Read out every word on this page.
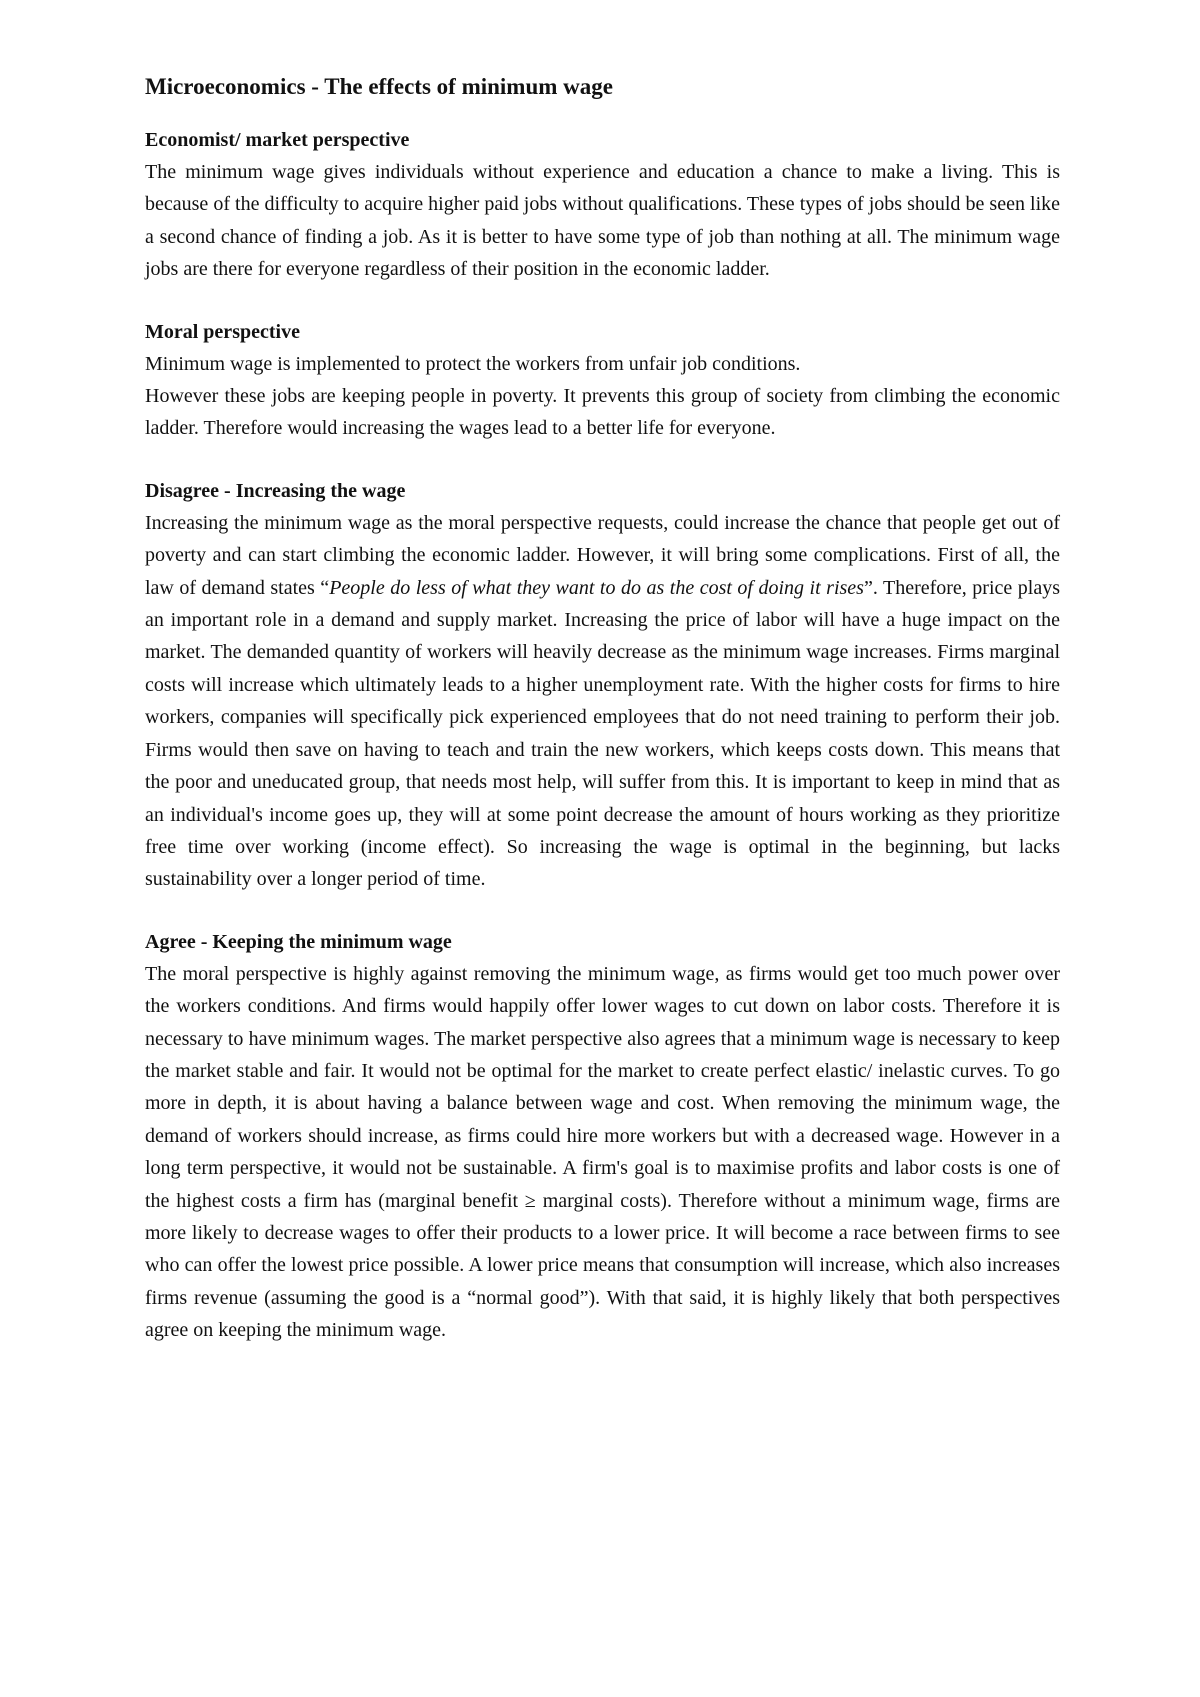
Microeconomics - The effects of minimum wage
Economist/ market perspective

The minimum wage gives individuals without experience and education a chance to make a living. This is because of the difficulty to acquire higher paid jobs without qualifications. These types of jobs should be seen like a second chance of finding a job. As it is better to have some type of job than nothing at all. The minimum wage jobs are there for everyone regardless of their position in the economic ladder.

Moral perspective

Minimum wage is implemented to protect the workers from unfair job conditions.

However these jobs are keeping people in poverty. It prevents this group of society from climbing the economic ladder. Therefore would increasing the wages lead to a better life for everyone.

Disagree - Increasing the wage

Increasing the minimum wage as the moral perspective requests, could increase the chance that people get out of poverty and can start climbing the economic ladder. However, it will bring some complications. First of all, the law of demand states “People do less of what they want to do as the cost of doing it rises”. Therefore, price plays an important role in a demand and supply market. Increasing the price of labor will have a huge impact on the market. The demanded quantity of workers will heavily decrease as the minimum wage increases. Firms marginal costs will increase which ultimately leads to a higher unemployment rate. With the higher costs for firms to hire workers, companies will specifically pick experienced employees that do not need training to perform their job. Firms would then save on having to teach and train the new workers, which keeps costs down. This means that the poor and uneducated group, that needs most help, will suffer from this. It is important to keep in mind that as an individual's income goes up, they will at some point decrease the amount of hours working as they prioritize free time over working (income effect). So increasing the wage is optimal in the beginning, but lacks sustainability over a longer period of time.

Agree - Keeping the minimum wage

The moral perspective is highly against removing the minimum wage, as firms would get too much power over the workers conditions. And firms would happily offer lower wages to cut down on labor costs. Therefore it is necessary to have minimum wages. The market perspective also agrees that a minimum wage is necessary to keep the market stable and fair. It would not be optimal for the market to create perfect elastic/ inelastic curves. To go more in depth, it is about having a balance between wage and cost. When removing the minimum wage, the demand of workers should increase, as firms could hire more workers but with a decreased wage. However in a long term perspective, it would not be sustainable. A firm's goal is to maximise profits and labor costs is one of the highest costs a firm has (marginal benefit ≥ marginal costs). Therefore without a minimum wage, firms are more likely to decrease wages to offer their products to a lower price. It will become a race between firms to see who can offer the lowest price possible. A lower price means that consumption will increase, which also increases firms revenue (assuming the good is a “normal good”). With that said, it is highly likely that both perspectives agree on keeping the minimum wage.
